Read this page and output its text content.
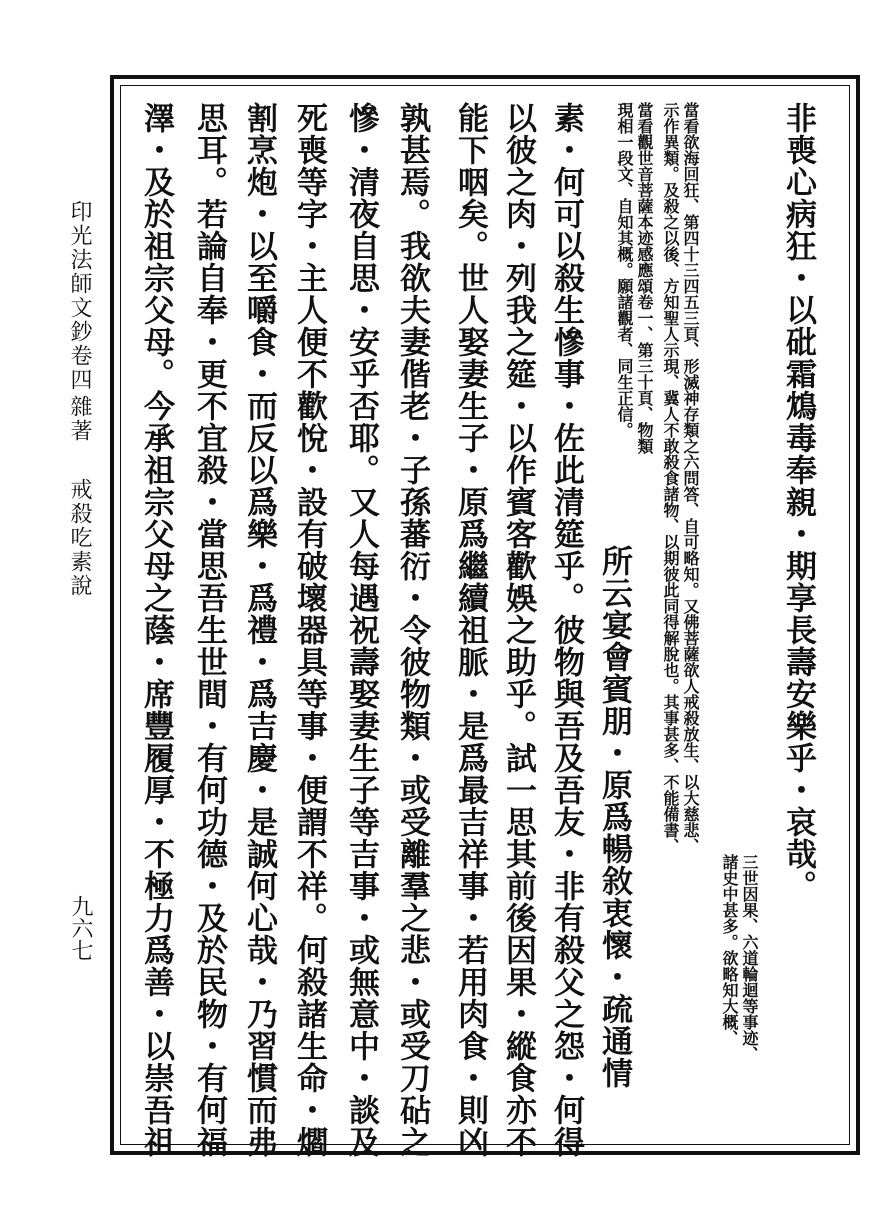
印光法師文鈔卷四
雜著
戒殺吃素說
九六七
非喪心病狂・以砒霜鴆毒奉親・期享長壽安樂乎・哀哉。
三世因果、六道輪迴等事迹、
諸史中甚多。欲略知大概、
當看欲海回狂、第四十三四五三頁、形滅神存類之六問答、自可略知。又佛菩薩欲人戒殺放生、以大慈悲、
示作異類。及殺之以後、方知聖人示現、冀人不敢殺食諸物、以期彼此同得解脫也。其事甚多、不能備書、
當看觀世音菩薩本迹感應頌卷一、第三十頁、物類
現相一段文、自知其概。願諸觀者、同生正信。
所云宴會賓朋・原爲暢敘衷懷・疏通情
素・何可以殺生慘事・佐此清筵乎。彼物與吾及吾友・非有殺父之怨・何得
以彼之肉・列我之筵・以作賓客歡娛之助乎。試一思其前後因果・縱食亦不
能下咽矣。世人娶妻生子・原爲繼續祖脈・是爲最吉祥事・若用肉食・則凶
孰甚焉。我欲夫妻偕老・子孫蕃衍・令彼物類・或受離羣之悲・或受刀砧之
慘・清夜自思・安乎否耶。又人每遇祝壽娶妻生子等吉事・或無意中・談及
死喪等字・主人便不歡悅・設有破壞器具等事・便謂不祥。何殺諸生命・爓
割烹炮・以至嚼食・而反以爲樂・爲禮・爲吉慶・是誠何心哉・乃習慣而弗
思耳。若論自奉・更不宜殺・當思吾生世間・有何功德・及於民物・有何福
澤・及於祖宗父母。今承祖宗父母之蔭・席豐履厚・不極力爲善・以崇吾祖
